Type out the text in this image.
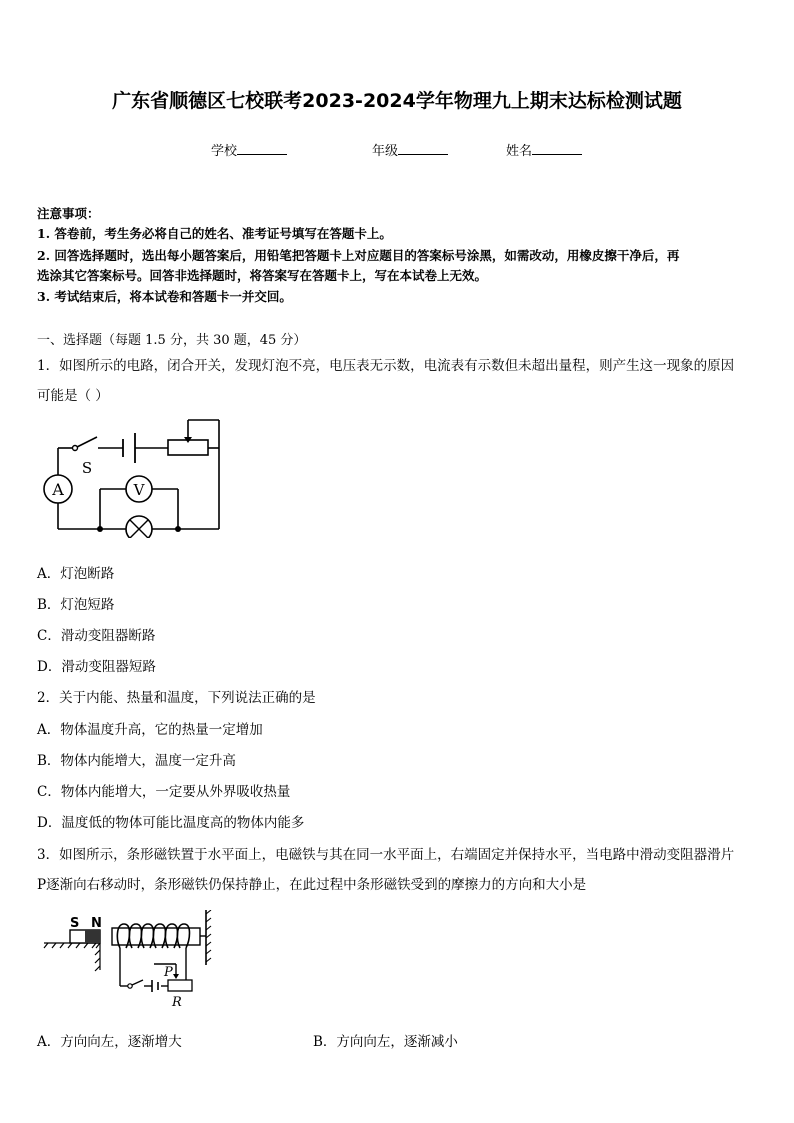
广东省顺德区七校联考2023-2024学年物理九上期末达标检测试题
学校	年级	姓名
注意事项：
1. 答卷前，考生务必将自己的姓名、准考证号填写在答题卡上。
2. 回答选择题时，选出每小题答案后，用铅笔把答题卡上对应题目的答案标号涂黑，如需改动，用橡皮擦干净后，再
选涂其它答案标号。回答非选择题时，将答案写在答题卡上，写在本试卷上无效。
3. 考试结束后，将本试卷和答题卡一并交回。
一、选择题（每题 1.5 分，共 30 题，45 分）
1．如图所示的电路，闭合开关，发现灯泡不亮，电压表无示数，电流表有示数但未超出量程，则产生这一现象的原因
可能是（ ）
A
S
V
A．灯泡断路
B．灯泡短路
C．滑动变阻器断路
D．滑动变阻器短路
2．关于内能、热量和温度，下列说法正确的是
A．物体温度升高，它的热量一定增加
B．物体内能增大，温度一定升高
C．物体内能增大，一定要从外界吸收热量
D．温度低的物体可能比温度高的物体内能多
3．如图所示，条形磁铁置于水平面上，电磁铁与其在同一水平面上，右端固定并保持水平，当电路中滑动变阻器滑片
P逐渐向右移动时，条形磁铁仍保持静止，在此过程中条形磁铁受到的摩擦力的方向和大小是
S N
P
R
A．方向向左，逐渐增大	B．方向向左，逐渐减小
